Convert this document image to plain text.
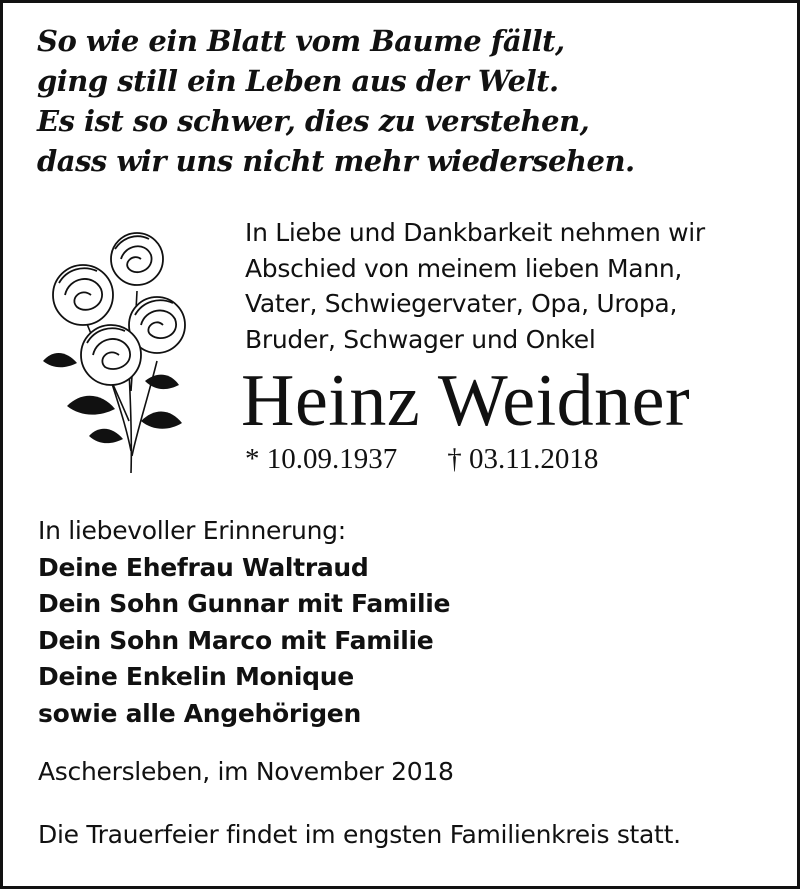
So wie ein Blatt vom Baume fällt,
ging still ein Leben aus der Welt.
Es ist so schwer, dies zu verstehen,
dass wir uns nicht mehr wiedersehen.
In Liebe und Dankbarkeit nehmen wir
Abschied von meinem lieben Mann,
Vater, Schwiegervater, Opa, Uropa,
Bruder, Schwager und Onkel
Heinz Weidner
* 10.09.1937 † 03.11.2018
In liebevoller Erinnerung:
Deine Ehefrau Waltraud
Dein Sohn Gunnar mit Familie
Dein Sohn Marco mit Familie
Deine Enkelin Monique
sowie alle Angehörigen
Aschersleben, im November 2018
Die Trauerfeier findet im engsten Familienkreis statt.
